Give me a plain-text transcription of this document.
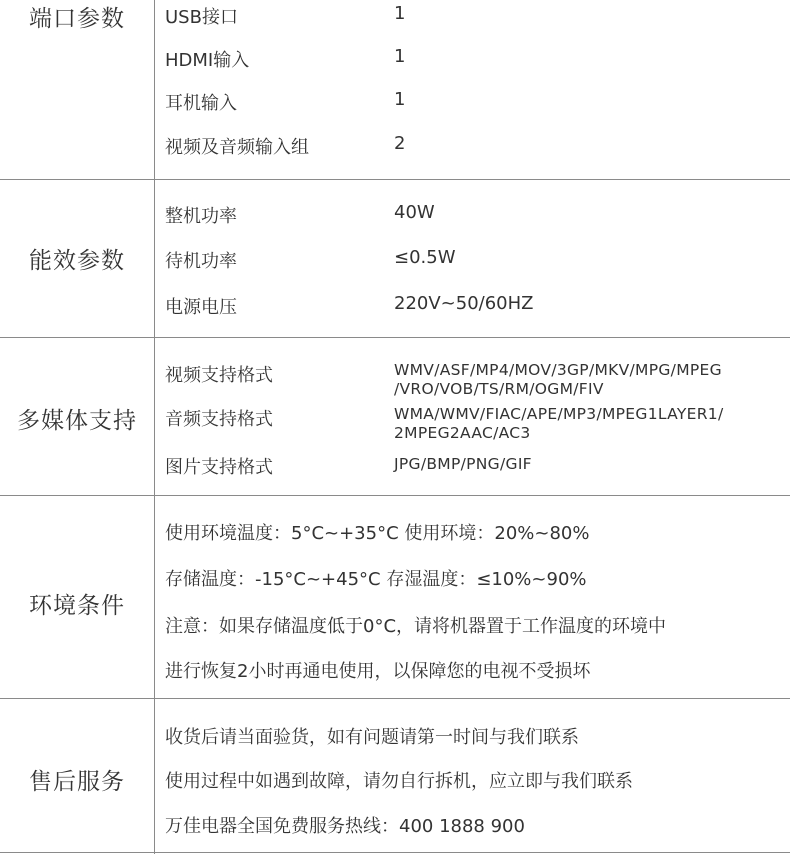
端口参数	USB接口	1
HDMI输入	1
耳机输入	1
视频及音频输入组	2
能效参数
整机功率	40W
待机功率	≤0.5W
电源电压	220V~50/60HZ
多媒体支持
视频支持格式	WMV/ASF/MP4/MOV/3GP/MKV/MPG/MPEG
/VRO/VOB/TS/RM/OGM/FIV
音频支持格式	WMA/WMV/FIAC/APE/MP3/MPEG1LAYER1/
2MPEG2AAC/AC3
图片支持格式	JPG/BMP/PNG/GIF
环境条件
使用环境温度：5°C~+35°C 使用环境：20%~80%
存储温度：-15°C~+45°C 存湿温度：≤10%~90%
注意：如果存储温度低于0°C，请将机器置于工作温度的环境中
进行恢复2小时再通电使用，以保障您的电视不受损坏
售后服务
收货后请当面验货，如有问题请第一时间与我们联系
使用过程中如遇到故障，请勿自行拆机，应立即与我们联系
万佳电器全国免费服务热线：400 1888 900
